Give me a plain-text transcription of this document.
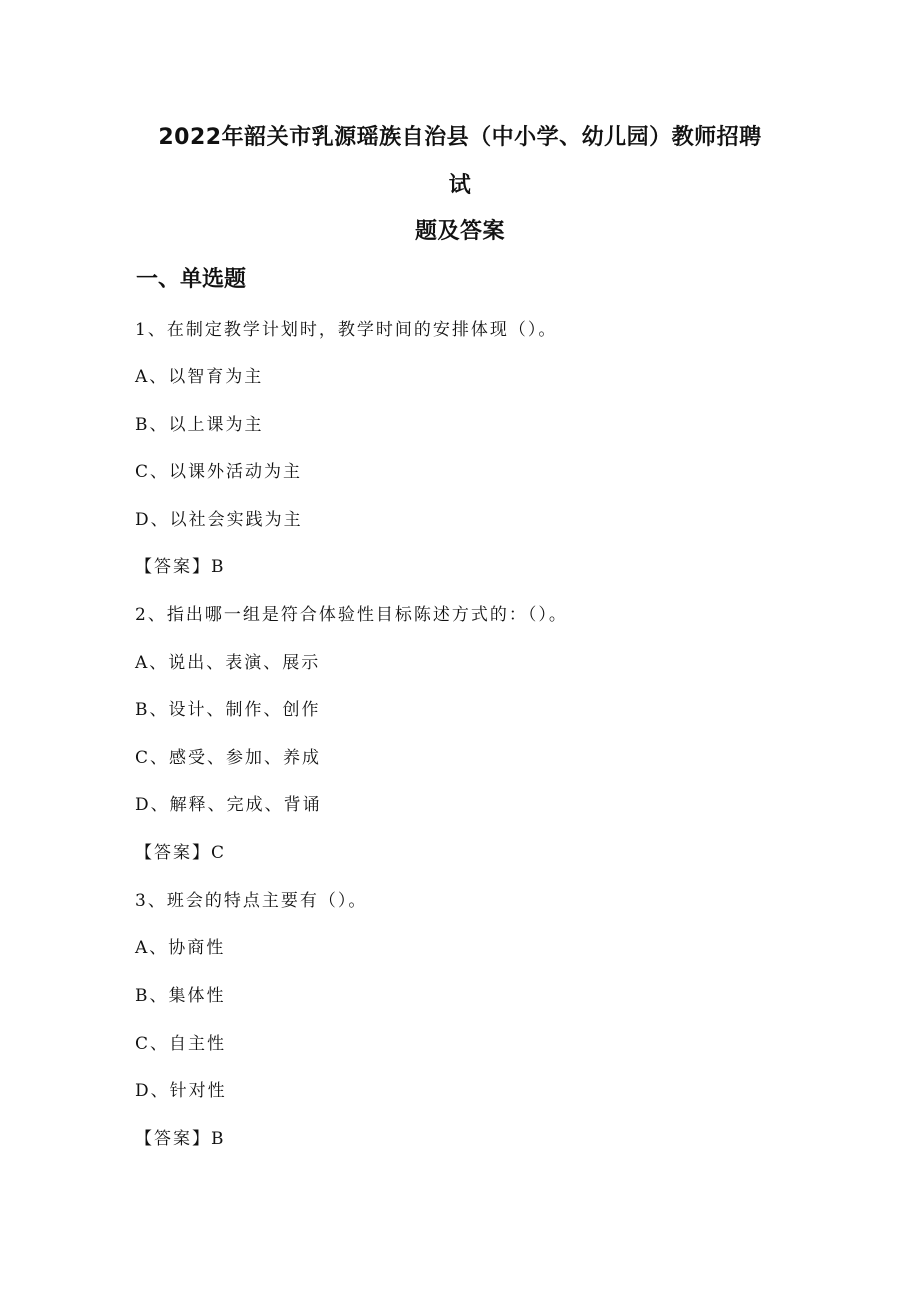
2022年韶关市乳源瑶族自治县（中小学、幼儿园）教师招聘
试
题及答案
一、单选题
1、在制定教学计划时，教学时间的安排体现（）。
A、以智育为主
B、以上课为主
C、以课外活动为主
D、以社会实践为主
【答案】B
2、指出哪一组是符合体验性目标陈述方式的：（）。
A、说出、表演、展示
B、设计、制作、创作
C、感受、参加、养成
D、解释、完成、背诵
【答案】C
3、班会的特点主要有（）。
A、协商性
B、集体性
C、自主性
D、针对性
【答案】B
